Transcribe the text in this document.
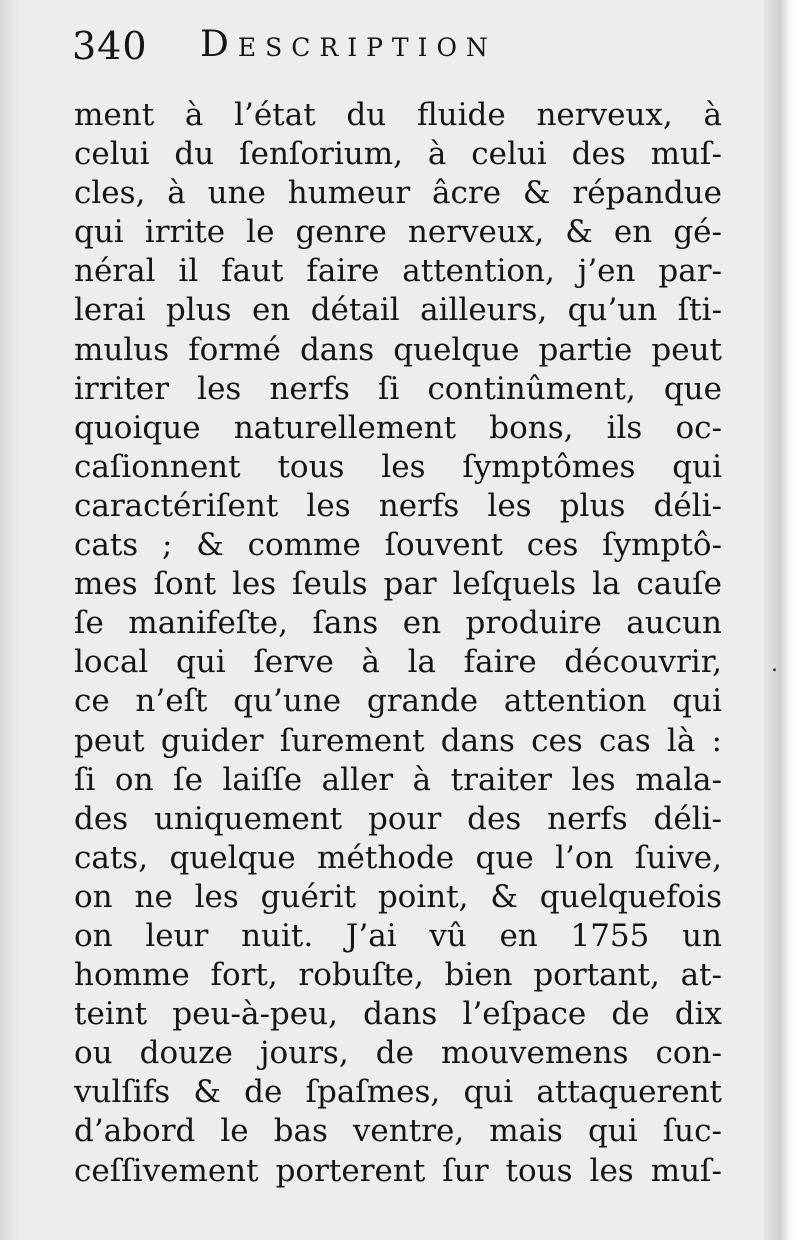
340 Description
ment à l’état du fluide nerveux, à
celui du ſenſorium, à celui des muſ-
cles, à une humeur âcre & répandue
qui irrite le genre nerveux, & en gé-
néral il faut faire attention, j’en par-
lerai plus en détail ailleurs, qu’un ſti-
mulus formé dans quelque partie peut
irriter les nerfs ſi continûment, que
quoique naturellement bons, ils oc-
caſionnent tous les ſymptômes qui
caractériſent les nerfs les plus déli-
cats ; & comme ſouvent ces ſymptô-
mes ſont les ſeuls par leſquels la cauſe
ſe manifeſte, ſans en produire aucun
local qui ſerve à la faire découvrir,
ce n’eſt qu’une grande attention qui
peut guider ſurement dans ces cas là :
ſi on ſe laiſſe aller à traiter les mala-
des uniquement pour des nerfs déli-
cats, quelque méthode que l’on ſuive,
on ne les guérit point, & quelquefois
on leur nuit. J’ai vû en 1755 un
homme fort, robuſte, bien portant, at-
teint peu-à-peu, dans l’eſpace de dix
ou douze jours, de mouvemens con-
vulſifs & de ſpaſmes, qui attaquerent
d’abord le bas ventre, mais qui ſuc-
ceſſivement porterent ſur tous les muſ-
.
